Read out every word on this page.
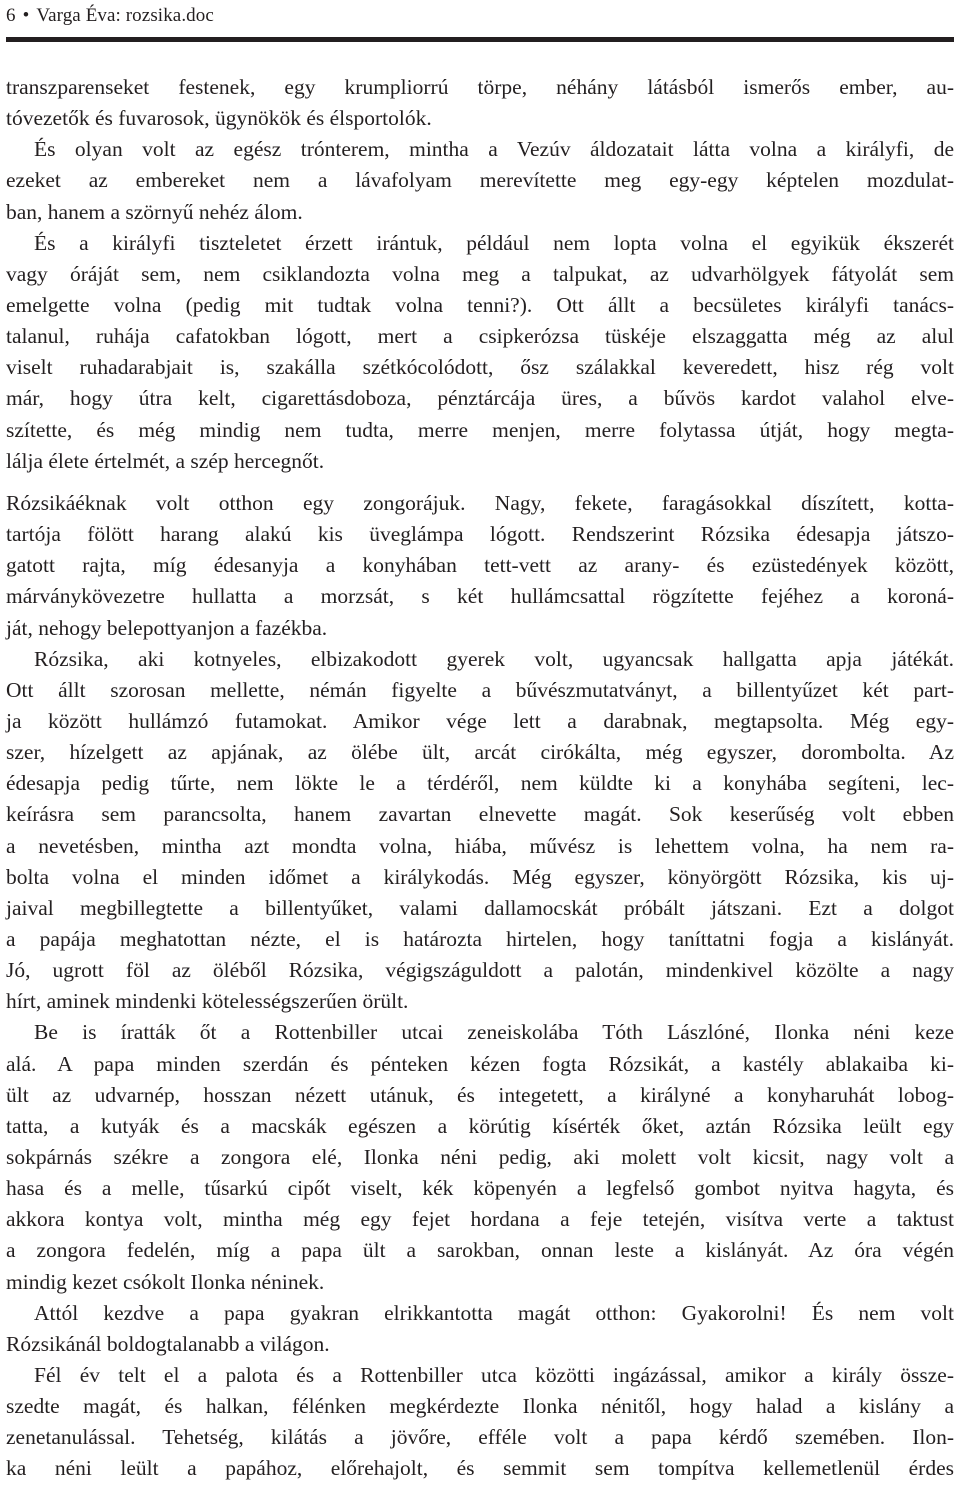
6 • Varga Éva: rozsika.doc
transzparenseket festenek, egy krumpliorrú törpe, néhány látásból ismerős ember, au-
tóvezetők és fuvarosok, ügynökök és élsportolók.
És olyan volt az egész trónterem, mintha a Vezúv áldozatait látta volna a királyfi, de
ezeket az embereket nem a lávafolyam merevítette meg egy-egy képtelen mozdulat-
ban, hanem a szörnyű nehéz álom.
És a királyfi tiszteletet érzett irántuk, például nem lopta volna el egyikük ékszerét
vagy óráját sem, nem csiklandozta volna meg a talpukat, az udvarhölgyek fátyolát sem
emelgette volna (pedig mit tudtak volna tenni?). Ott állt a becsületes királyfi tanács-
talanul, ruhája cafatokban lógott, mert a csipkerózsa tüskéje elszaggatta még az alul
viselt ruhadarabjait is, szakálla szétkócolódott, ősz szálakkal keveredett, hisz rég volt
már, hogy útra kelt, cigarettásdoboza, pénztárcája üres, a bűvös kardot valahol elve-
szítette, és még mindig nem tudta, merre menjen, merre folytassa útját, hogy megta-
lálja élete értelmét, a szép hercegnőt.
Rózsikáéknak volt otthon egy zongorájuk. Nagy, fekete, faragásokkal díszített, kotta-
tartója fölött harang alakú kis üveglámpa lógott. Rendszerint Rózsika édesapja játszo-
gatott rajta, míg édesanyja a konyhában tett-vett az arany- és ezüstedények között,
márványkövezetre hullatta a morzsát, s két hullámcsattal rögzítette fejéhez a koroná-
ját, nehogy belepottyanjon a fazékba.
Rózsika, aki kotnyeles, elbizakodott gyerek volt, ugyancsak hallgatta apja játékát.
Ott állt szorosan mellette, némán figyelte a bűvészmutatványt, a billentyűzet két part-
ja között hullámzó futamokat. Amikor vége lett a darabnak, megtapsolta. Még egy-
szer, hízelgett az apjának, az ölébe ült, arcát cirókálta, még egyszer, dorombolta. Az
édesapja pedig tűrte, nem lökte le a térdéről, nem küldte ki a konyhába segíteni, lec-
keírásra sem parancsolta, hanem zavartan elnevette magát. Sok keserűség volt ebben
a nevetésben, mintha azt mondta volna, hiába, művész is lehettem volna, ha nem ra-
bolta volna el minden időmet a királykodás. Még egyszer, könyörgött Rózsika, kis uj-
jaival megbillegtette a billentyűket, valami dallamocskát próbált játszani. Ezt a dolgot
a papája meghatottan nézte, el is határozta hirtelen, hogy taníttatni fogja a kislányát.
Jó, ugrott föl az öléből Rózsika, végigszáguldott a palotán, mindenkivel közölte a nagy
hírt, aminek mindenki kötelességszerűen örült.
Be is íratták őt a Rottenbiller utcai zeneiskolába Tóth Lászlóné, Ilonka néni keze
alá. A papa minden szerdán és pénteken kézen fogta Rózsikát, a kastély ablakaiba ki-
ült az udvarnép, hosszan nézett utánuk, és integetett, a királyné a konyharuhát lobog-
tatta, a kutyák és a macskák egészen a körútig kísérték őket, aztán Rózsika leült egy
sokpárnás székre a zongora elé, Ilonka néni pedig, aki molett volt kicsit, nagy volt a
hasa és a melle, tűsarkú cipőt viselt, kék köpenyén a legfelső gombot nyitva hagyta, és
akkora kontya volt, mintha még egy fejet hordana a feje tetején, visítva verte a taktust
a zongora fedelén, míg a papa ült a sarokban, onnan leste a kislányát. Az óra végén
mindig kezet csókolt Ilonka néninek.
Attól kezdve a papa gyakran elrikkantotta magát otthon: Gyakorolni! És nem volt
Rózsikánál boldogtalanabb a világon.
Fél év telt el a palota és a Rottenbiller utca közötti ingázással, amikor a király össze-
szedte magát, és halkan, félénken megkérdezte Ilonka nénitől, hogy halad a kislány a
zenetanulással. Tehetség, kilátás a jövőre, efféle volt a papa kérdő szemében. Ilon-
ka néni leült a papához, előrehajolt, és semmit sem tompítva kellemetlenül érdes
